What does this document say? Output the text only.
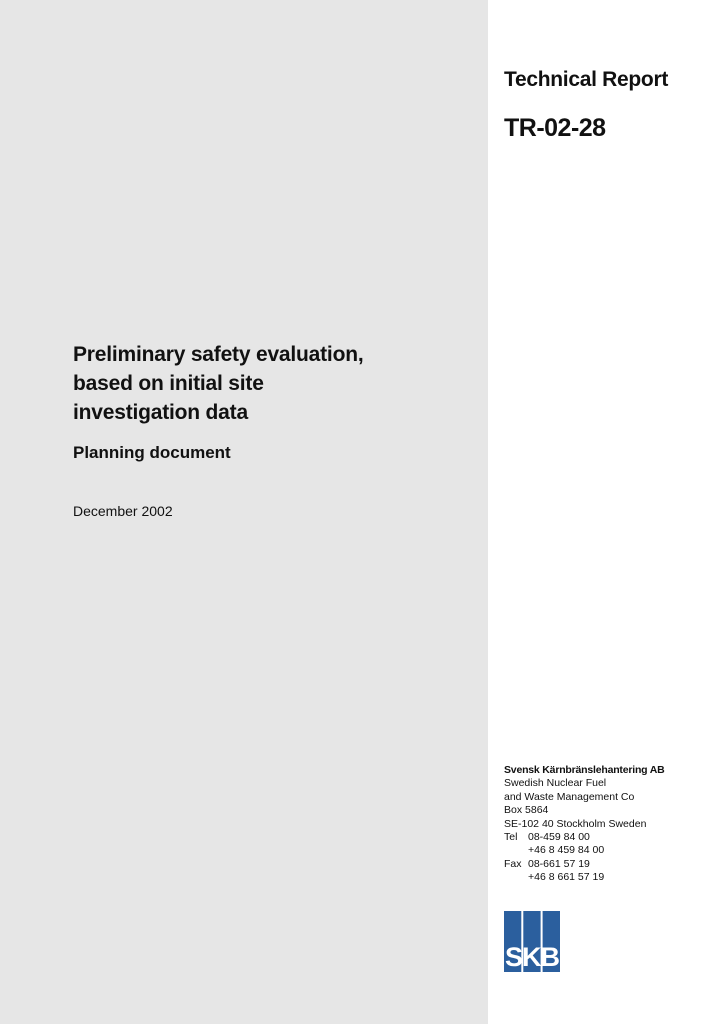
Technical Report
TR-02-28
Preliminary safety evaluation,
based on initial site
investigation data
Planning document
December 2002
Svensk Kärnbränslehantering AB
Swedish Nuclear Fuel
and Waste Management Co
Box 5864
SE-102 40 Stockholm Sweden
Tel	08-459 84 00
+46 8 459 84 00
Fax 08-661 57 19
+46 8 661 57 19
SKB
